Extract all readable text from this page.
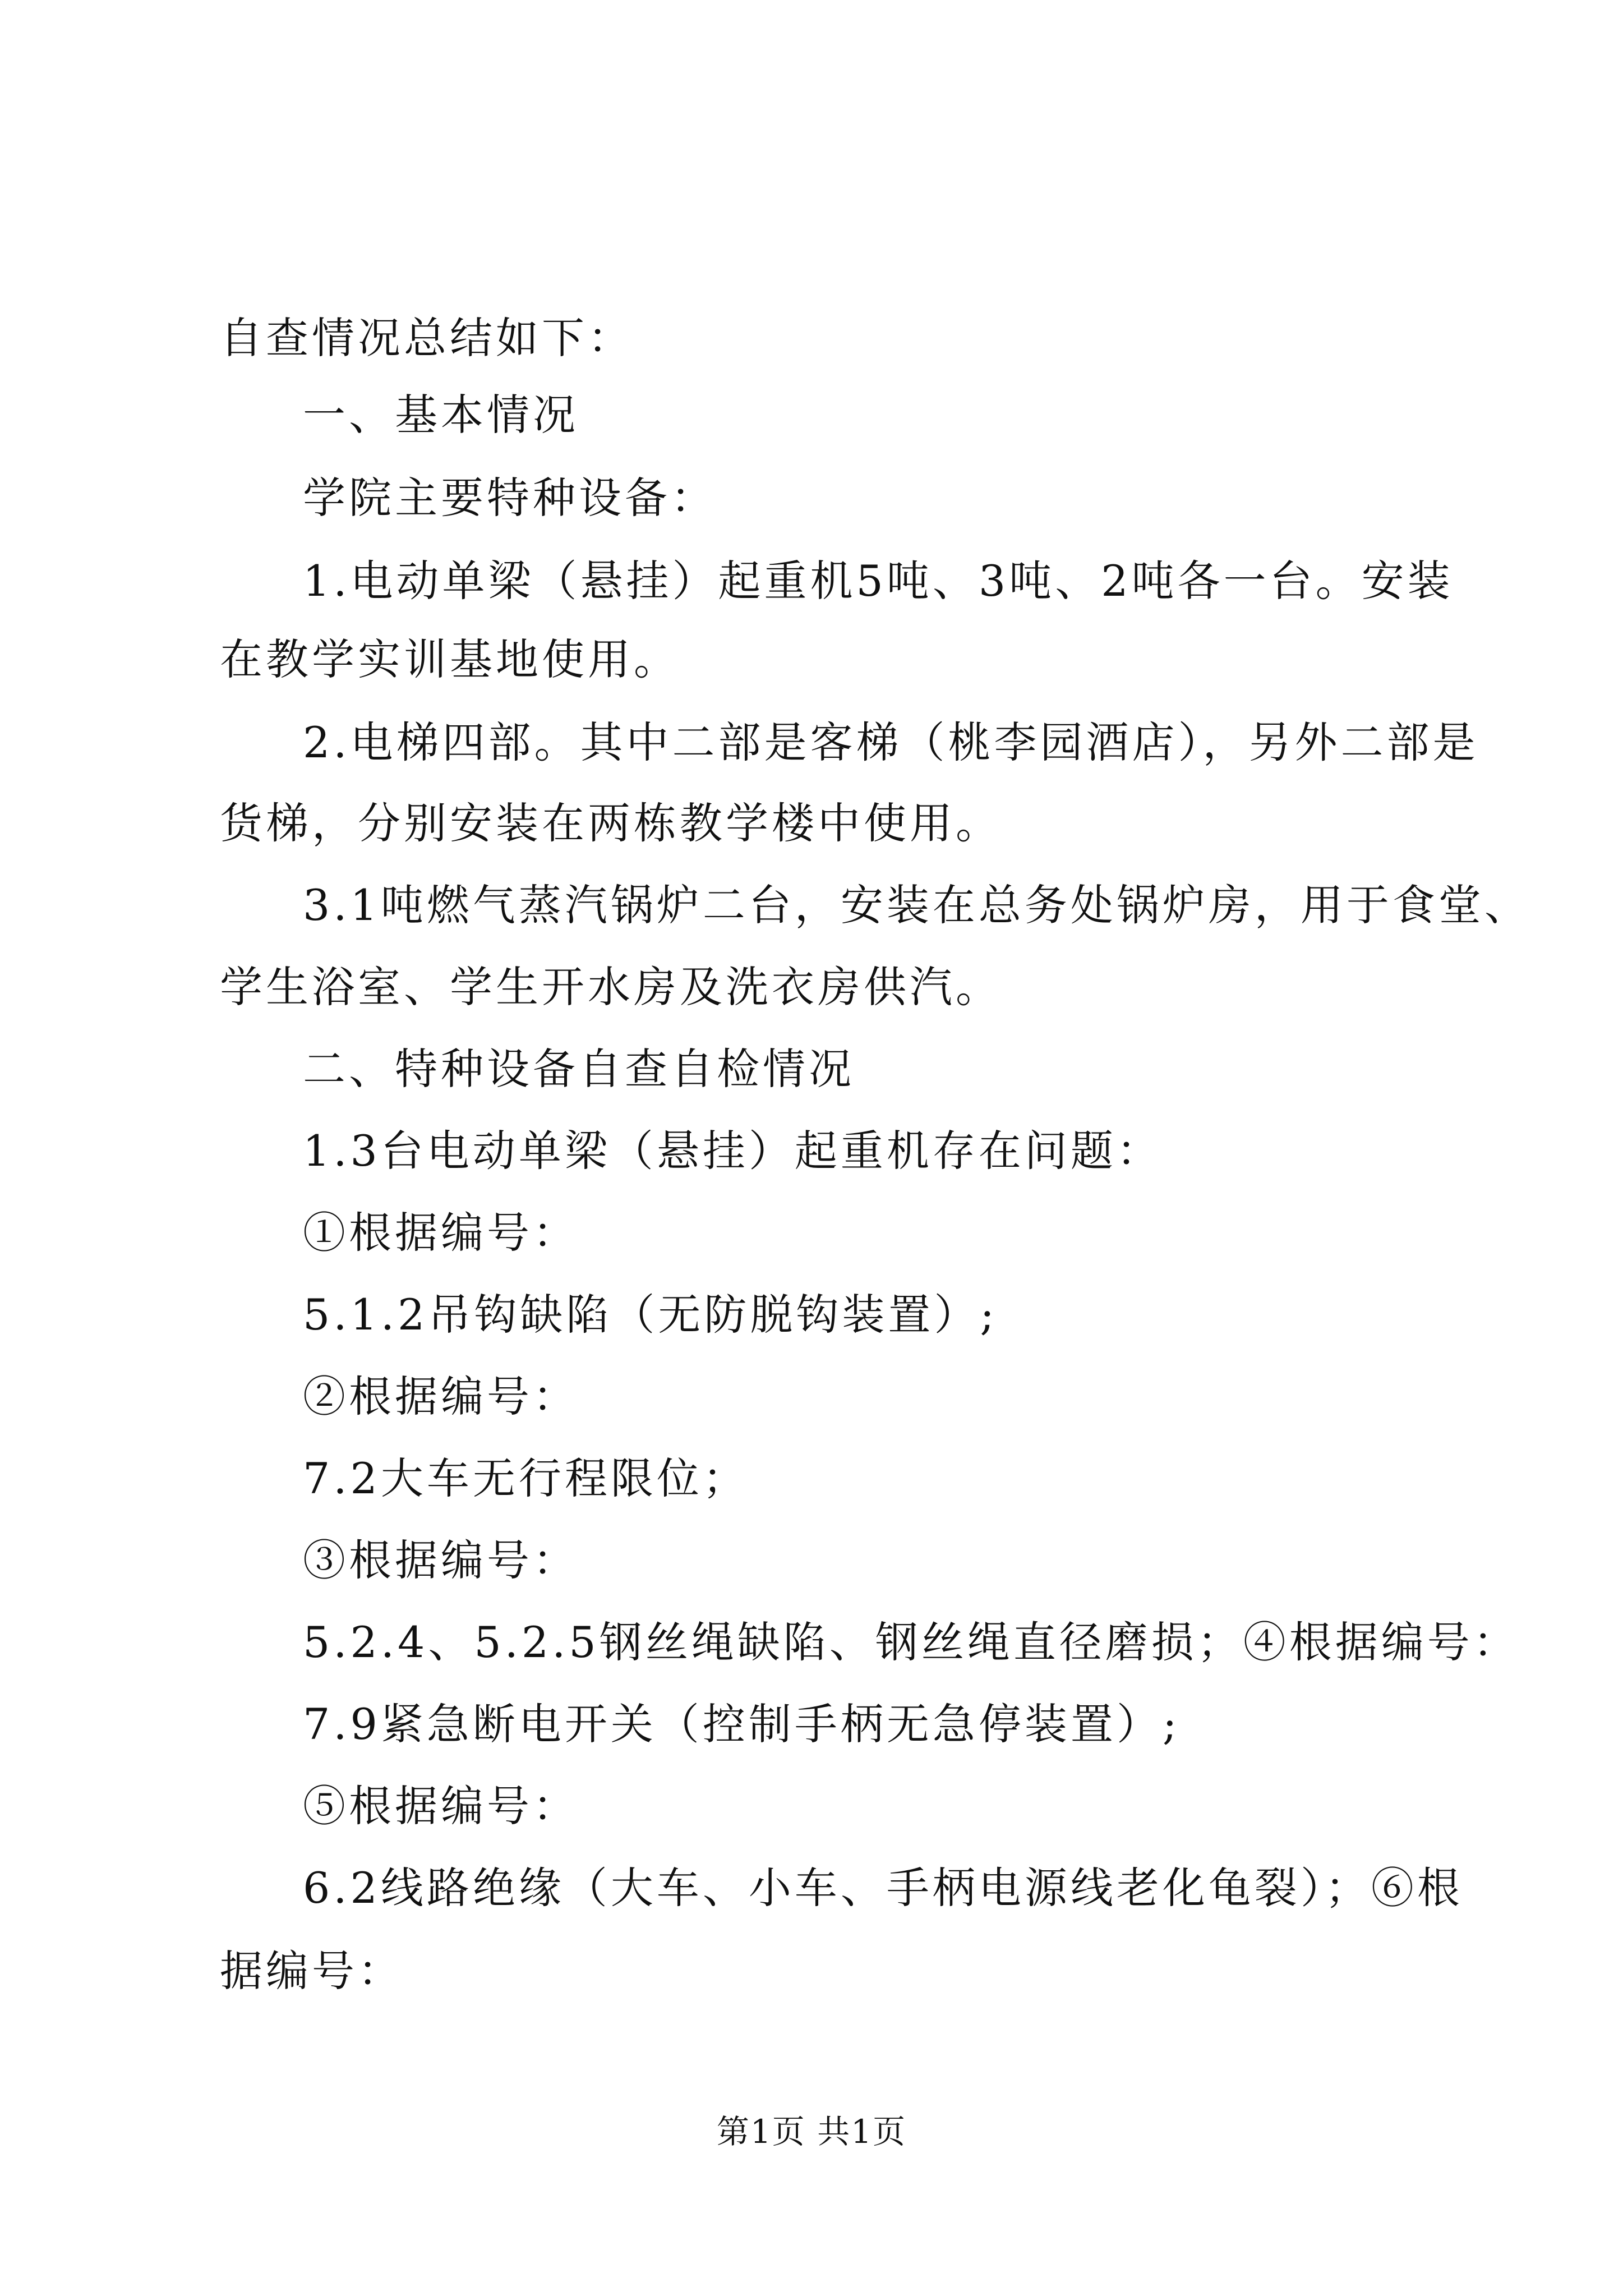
自查情况总结如下：
一、基本情况
学院主要特种设备：
1.电动单梁（悬挂）起重机5吨、3吨、2吨各一台。安装
在教学实训基地使用。
2.电梯四部。其中二部是客梯（桃李园酒店），另外二部是
货梯，分别安装在两栋教学楼中使用。
3.1吨燃气蒸汽锅炉二台，安装在总务处锅炉房，用于食堂、
学生浴室、学生开水房及洗衣房供汽。
二、特种设备自查自检情况
1.3台电动单梁（悬挂）起重机存在问题：
①根据编号：
5.1.2吊钩缺陷（无防脱钩装置）;
②根据编号：
7.2大车无行程限位；
③根据编号：
5.2.4、5.2.5钢丝绳缺陷、钢丝绳直径磨损；④根据编号：
7.9紧急断电开关（控制手柄无急停装置）;
⑤根据编号：
6.2线路绝缘（大车、小车、手柄电源线老化龟裂）；⑥根
据编号：
第1页 共1页
